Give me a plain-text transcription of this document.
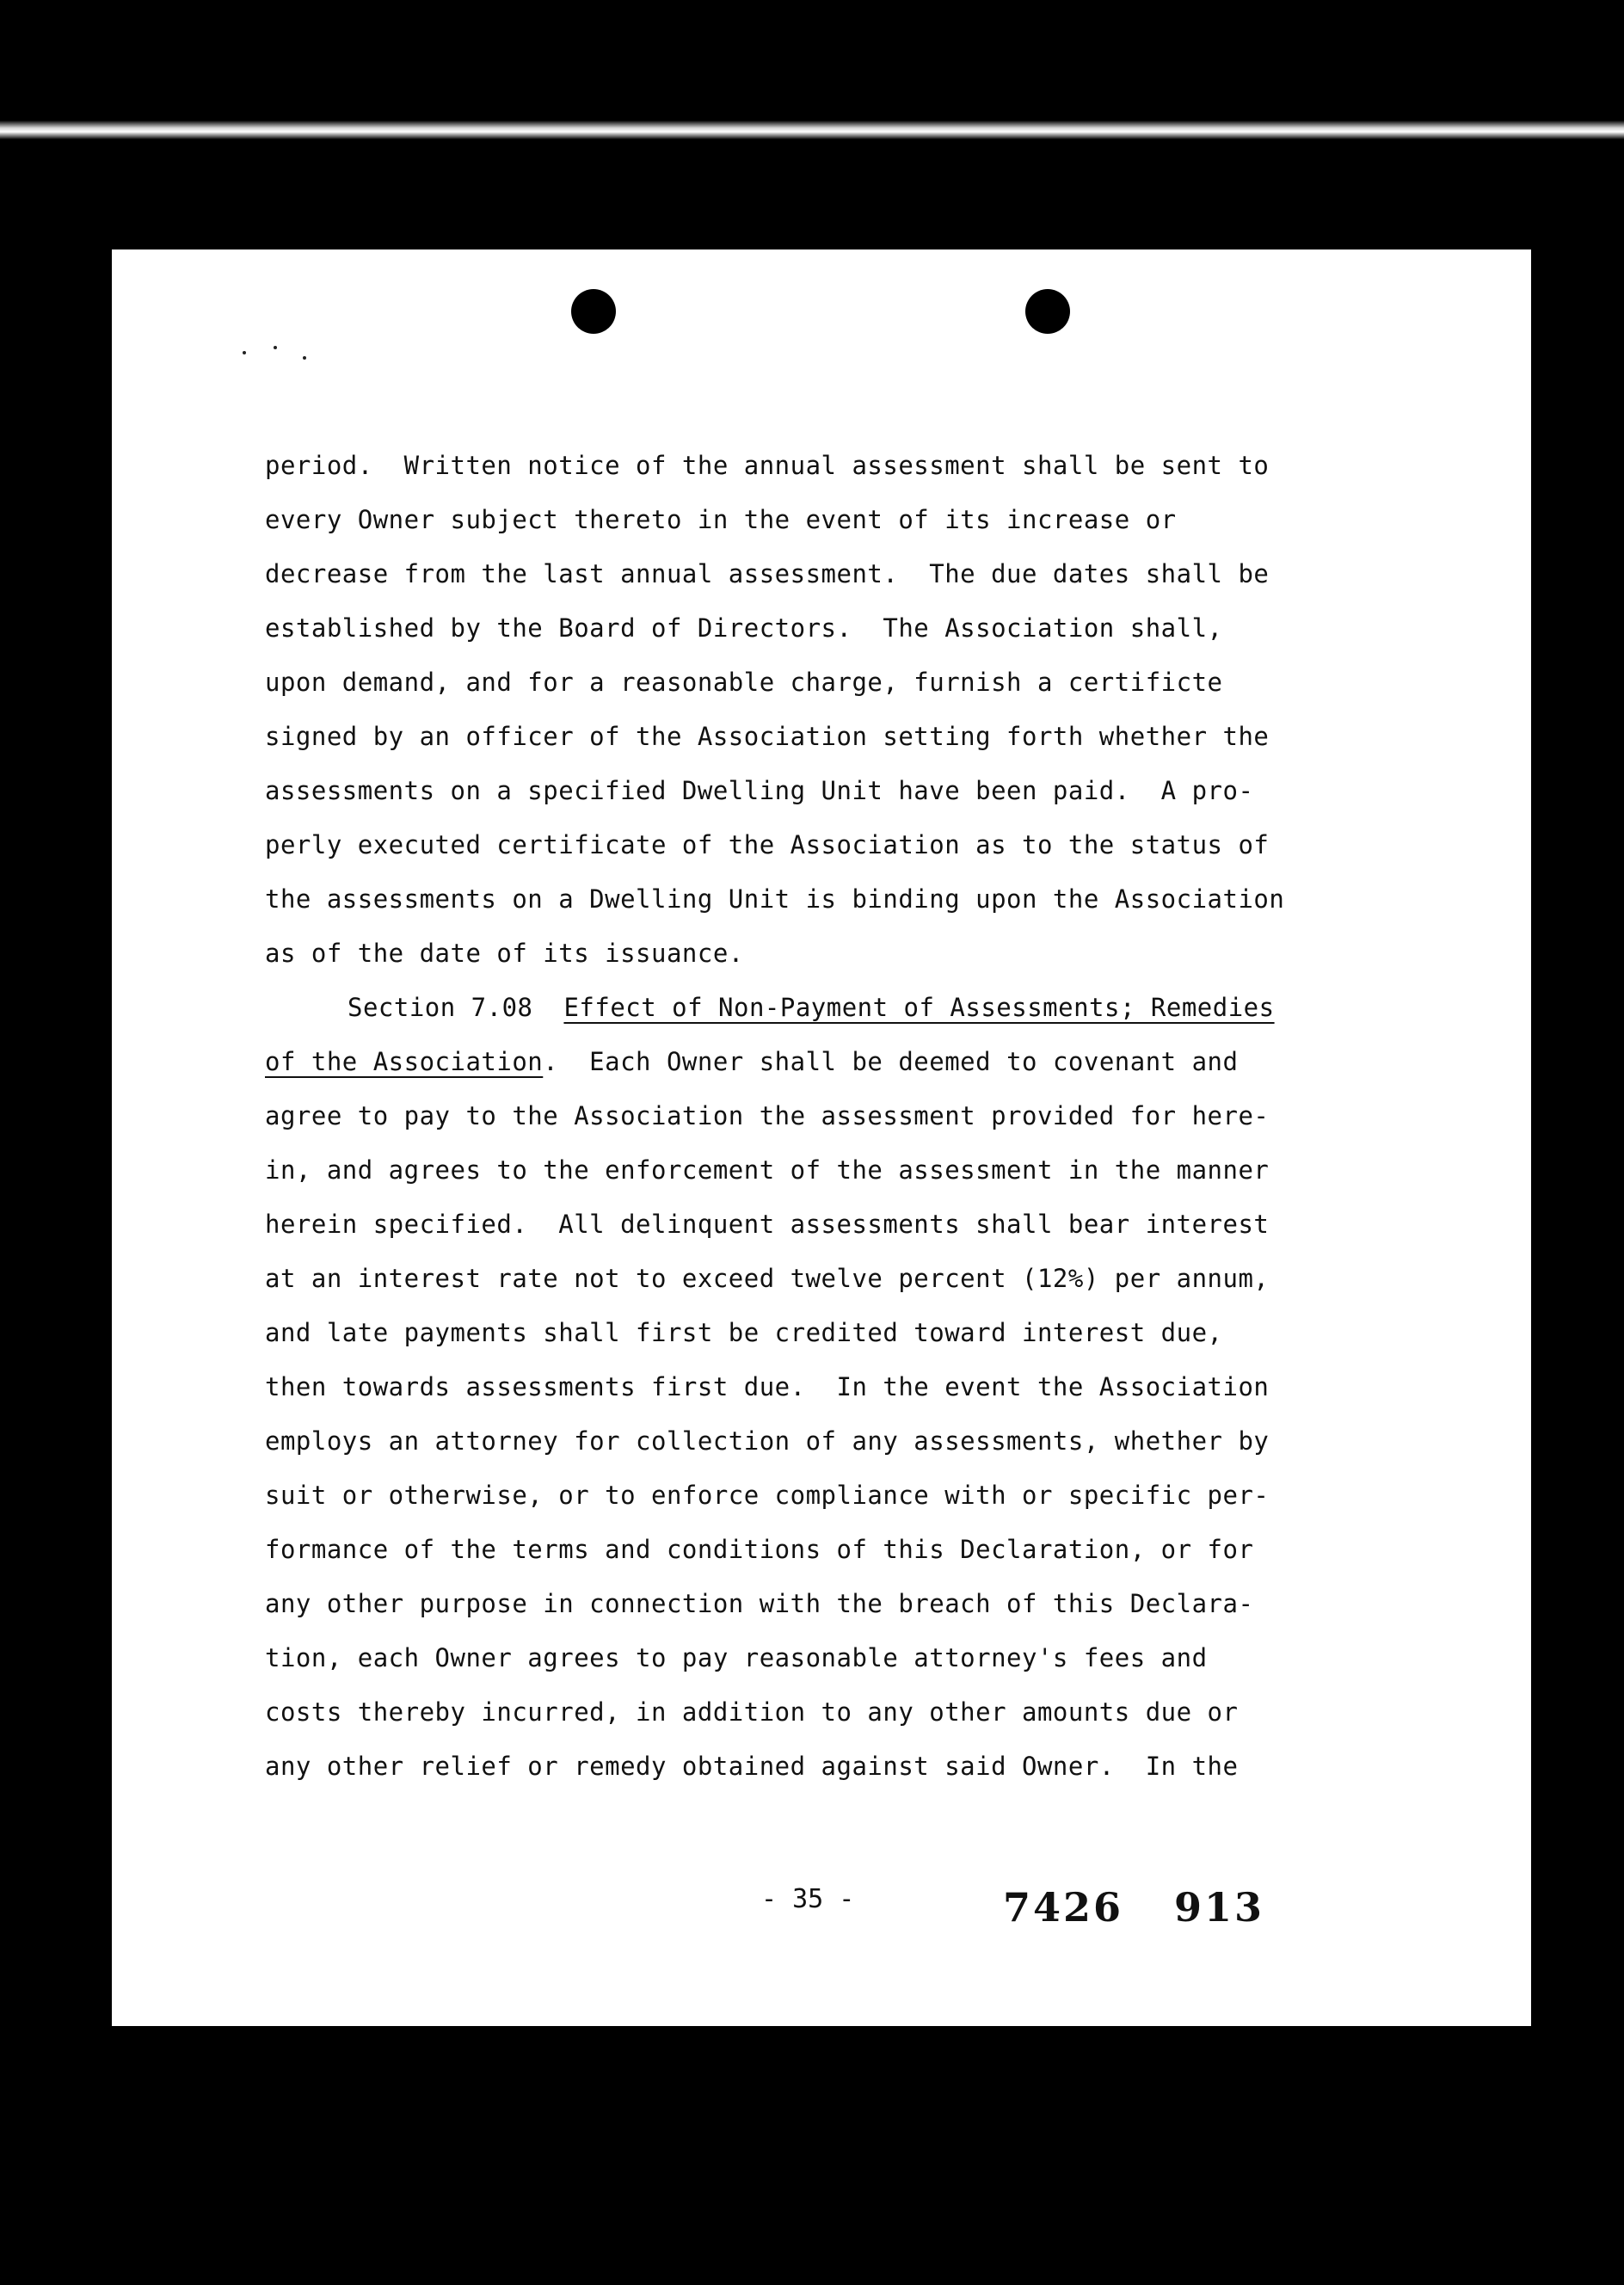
period.  Written notice of the annual assessment shall be sent to
every Owner subject thereto in the event of its increase or
decrease from the last annual assessment.  The due dates shall be
established by the Board of Directors.  The Association shall,
upon demand, and for a reasonable charge, furnish a certificte
signed by an officer of the Association setting forth whether the
assessments on a specified Dwelling Unit have been paid.  A pro-
perly executed certificate of the Association as to the status of
the assessments on a Dwelling Unit is binding upon the Association
as of the date of its issuance.
Section 7.08 Effect of Non-Payment of Assessments; Remedies
of the Association.  Each Owner shall be deemed to covenant and
agree to pay to the Association the assessment provided for here-
in, and agrees to the enforcement of the assessment in the manner
herein specified.  All delinquent assessments shall bear interest
at an interest rate not to exceed twelve percent (12%) per annum,
and late payments shall first be credited toward interest due,
then towards assessments first due.  In the event the Association
employs an attorney for collection of any assessments, whether by
suit or otherwise, or to enforce compliance with or specific per-
formance of the terms and conditions of this Declaration, or for
any other purpose in connection with the breach of this Declara-
tion, each Owner agrees to pay reasonable attorney's fees and
costs thereby incurred, in addition to any other amounts due or
any other relief or remedy obtained against said Owner.  In the
- 35 -	7426 913
